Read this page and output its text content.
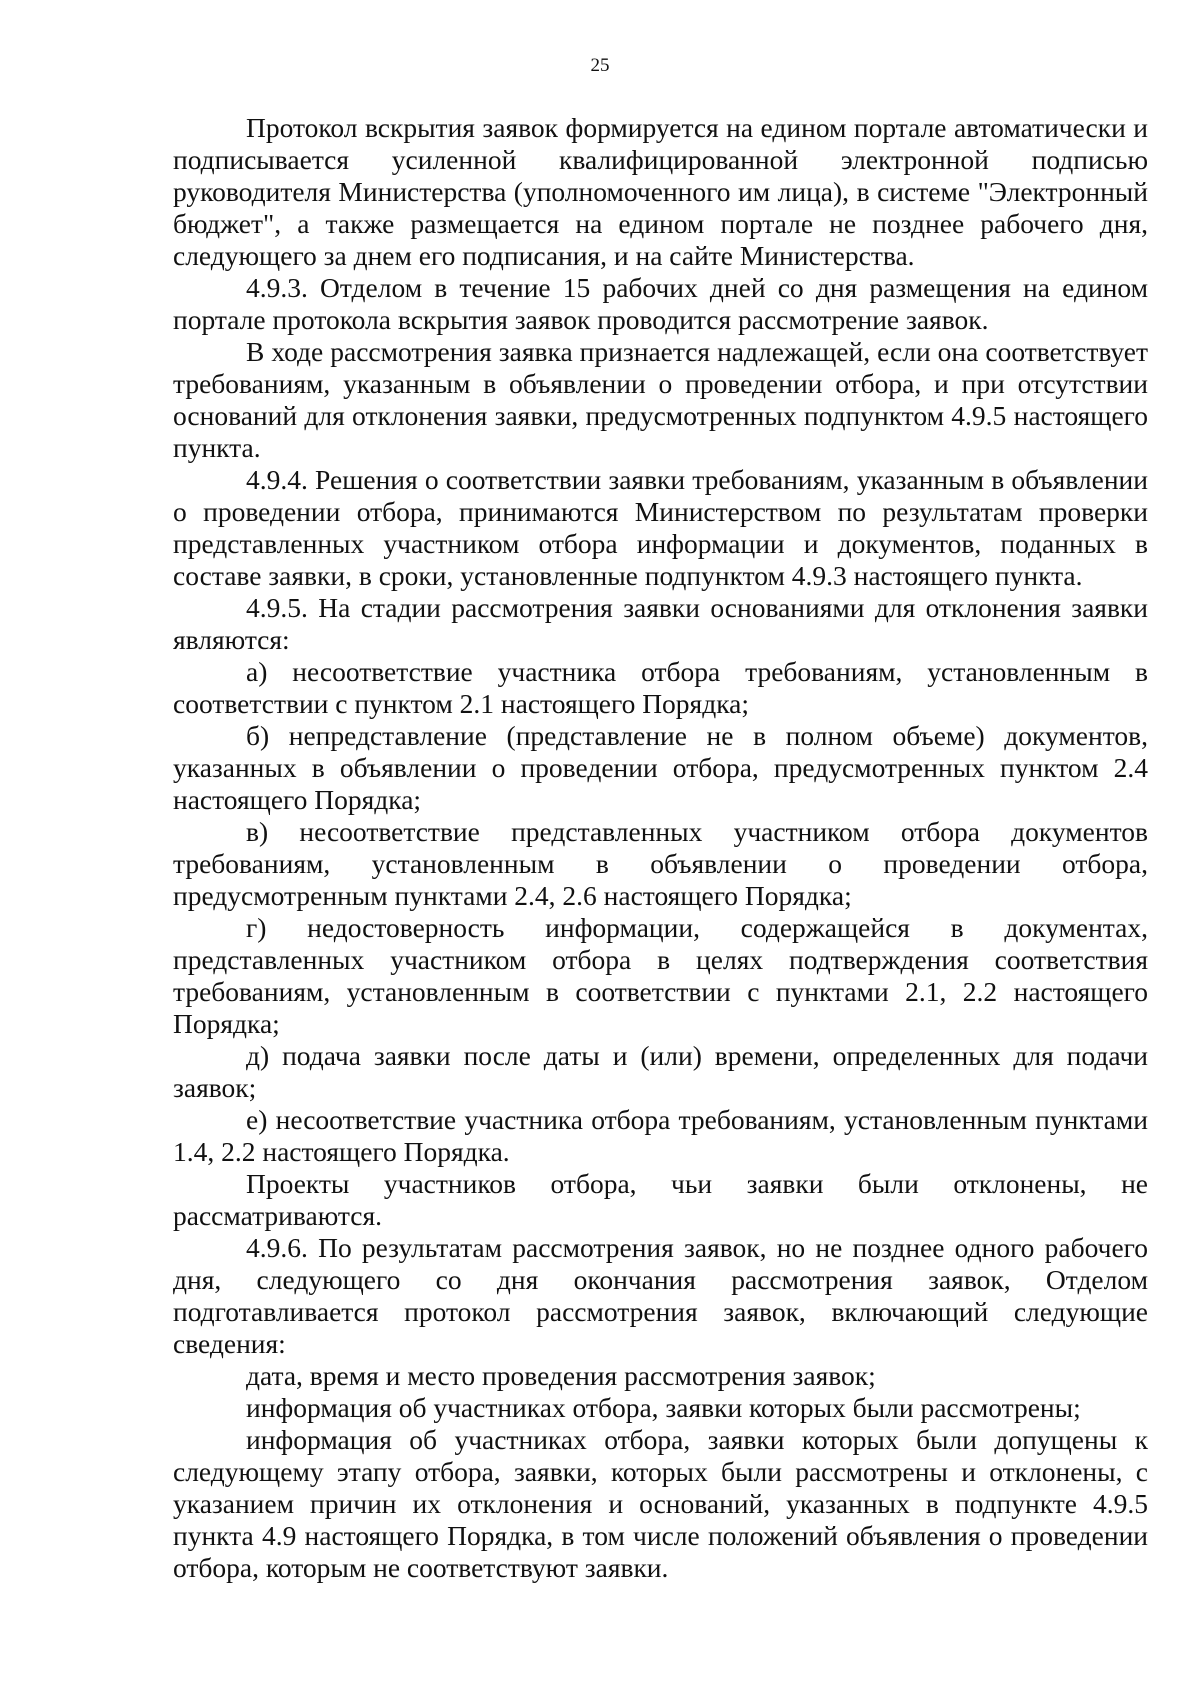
25

Протокол вскрытия заявок формируется на едином портале автоматически и подписывается усиленной квалифицированной электронной подписью руководителя Министерства (уполномоченного им лица), в системе "Электронный бюджет", а также размещается на едином портале не позднее рабочего дня, следующего за днем его подписания, и на сайте Министерства.

4.9.3. Отделом в течение 15 рабочих дней со дня размещения на едином портале протокола вскрытия заявок проводится рассмотрение заявок.

В ходе рассмотрения заявка признается надлежащей, если она соответствует требованиям, указанным в объявлении о проведении отбора, и при отсутствии оснований для отклонения заявки, предусмотренных подпунктом 4.9.5 настоящего пункта.

4.9.4. Решения о соответствии заявки требованиям, указанным в объявлении о проведении отбора, принимаются Министерством по результатам проверки представленных участником отбора информации и документов, поданных в составе заявки, в сроки, установленные подпунктом 4.9.3 настоящего пункта.

4.9.5. На стадии рассмотрения заявки основаниями для отклонения заявки являются:

а) несоответствие участника отбора требованиям, установленным в соответствии с пунктом 2.1 настоящего Порядка;

б) непредставление (представление не в полном объеме) документов, указанных в объявлении о проведении отбора, предусмотренных пунктом 2.4 настоящего Порядка;

в) несоответствие представленных участником отбора документов требованиям, установленным в объявлении о проведении отбора, предусмотренным пунктами 2.4, 2.6 настоящего Порядка;

г) недостоверность информации, содержащейся в документах, представленных участником отбора в целях подтверждения соответствия требованиям, установленным в соответствии с пунктами 2.1, 2.2 настоящего Порядка;

д) подача заявки после даты и (или) времени, определенных для подачи заявок;

е) несоответствие участника отбора требованиям, установленным пунктами 1.4, 2.2 настоящего Порядка.

Проекты участников отбора, чьи заявки были отклонены, не рассматриваются.

4.9.6. По результатам рассмотрения заявок, но не позднее одного рабочего дня, следующего со дня окончания рассмотрения заявок, Отделом подготавливается протокол рассмотрения заявок, включающий следующие сведения:

дата, время и место проведения рассмотрения заявок;

информация об участниках отбора, заявки которых были рассмотрены;

информация об участниках отбора, заявки которых были допущены к следующему этапу отбора, заявки, которых были рассмотрены и отклонены, с указанием причин их отклонения и оснований, указанных в подпункте 4.9.5 пункта 4.9 настоящего Порядка, в том числе положений объявления о проведении отбора, которым не соответствуют заявки.
